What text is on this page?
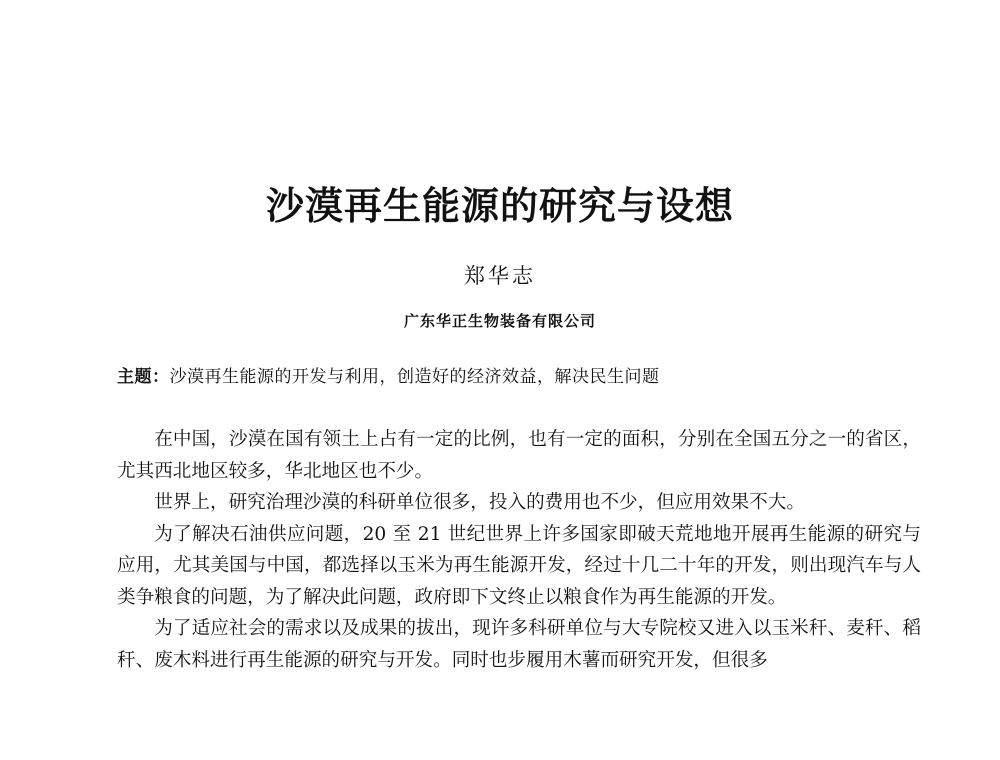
沙漠再生能源的研究与设想
郑华志
广东华正生物装备有限公司
主题：沙漠再生能源的开发与利用，创造好的经济效益，解决民生问题

在中国，沙漠在国有领土上占有一定的比例，也有一定的面积，分别在全国五分之一的省区，尤其西北地区较多，华北地区也不少。

世界上，研究治理沙漠的科研单位很多，投入的费用也不少，但应用效果不大。

为了解决石油供应问题，20 至 21 世纪世界上许多国家即破天荒地地开展再生能源的研究与应用，尤其美国与中国，都选择以玉米为再生能源开发，经过十几二十年的开发，则出现汽车与人类争粮食的问题，为了解决此问题，政府即下文终止以粮食作为再生能源的开发。

为了适应社会的需求以及成果的拔出，现许多科研单位与大专院校又进入以玉米秆、麦秆、稻秆、废木料进行再生能源的研究与开发。同时也步履用木薯而研究开发，但很多
